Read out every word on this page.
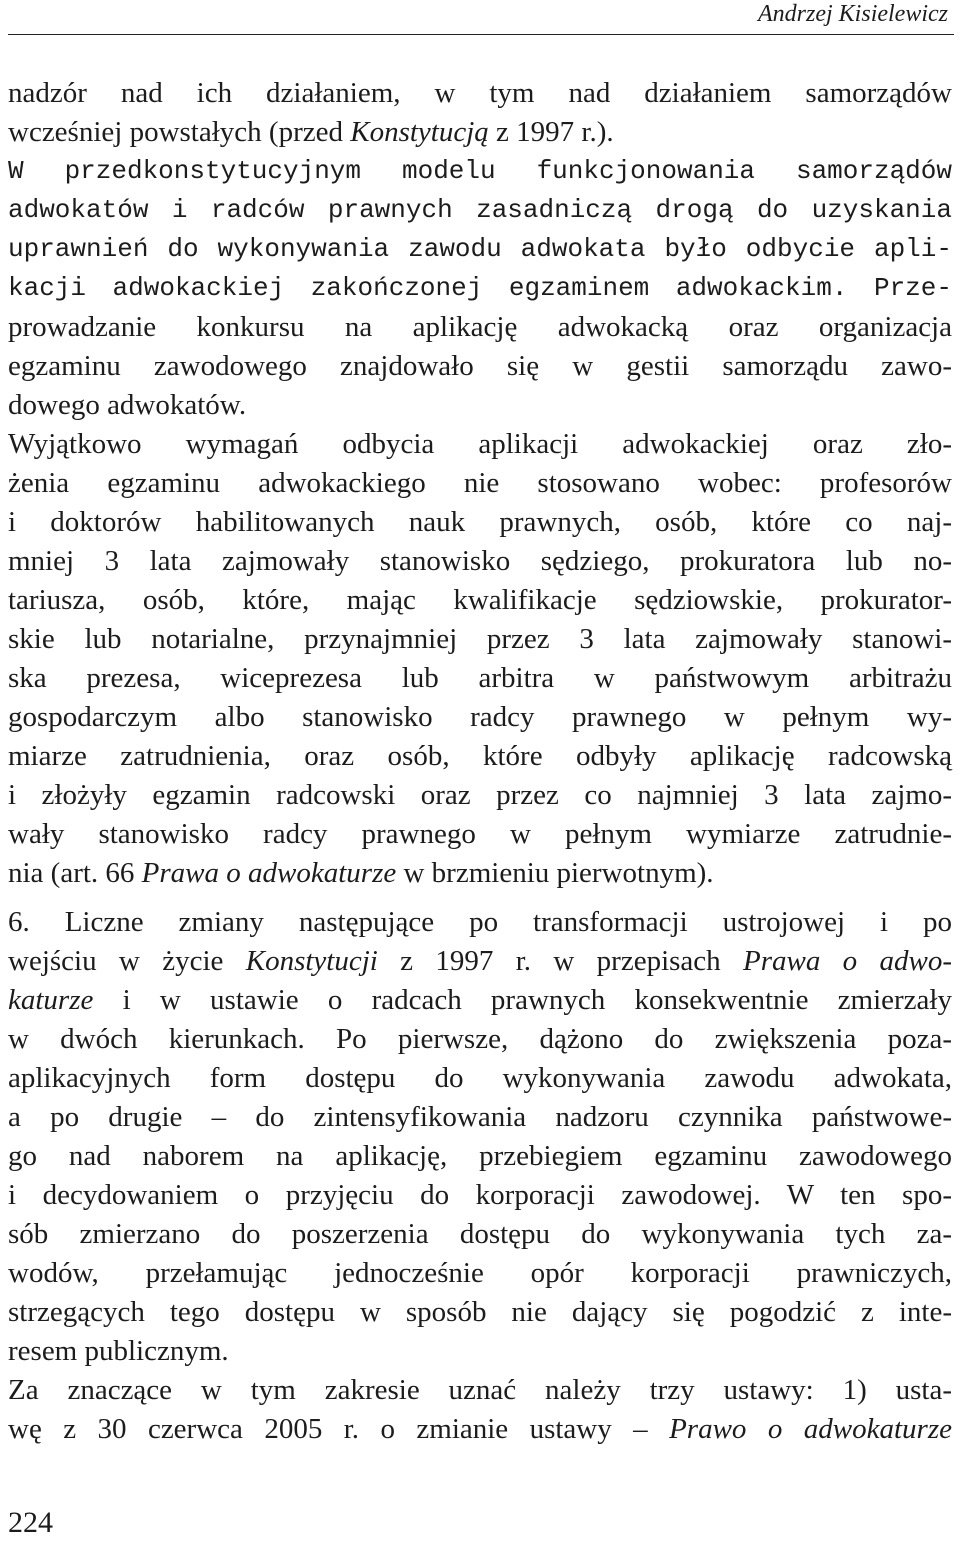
Andrzej Kisielewicz
nadzór nad ich działaniem, w tym nad działaniem samorządów
wcześniej powstałych (przed Konstytucją z 1997 r.).
W przedkonstytucyjnym modelu funkcjonowania samorządów
adwokatów i radców prawnych zasadniczą drogą do uzyskania
uprawnień do wykonywania zawodu adwokata było odbycie apli-
kacji adwokackiej zakończonej egzaminem adwokackim. Prze-
prowadzanie konkursu na aplikację adwokacką oraz organizacja
egzaminu zawodowego znajdowało się w gestii samorządu zawo-
dowego adwokatów.
Wyjątkowo wymagań odbycia aplikacji adwokackiej oraz zło-
żenia egzaminu adwokackiego nie stosowano wobec: profesorów
i doktorów habilitowanych nauk prawnych, osób, które co naj-
mniej 3 lata zajmowały stanowisko sędziego, prokuratora lub no-
tariusza, osób, które, mając kwalifikacje sędziowskie, prokurator-
skie lub notarialne, przynajmniej przez 3 lata zajmowały stanowi-
ska prezesa, wiceprezesa lub arbitra w państwowym arbitrażu
gospodarczym albo stanowisko radcy prawnego w pełnym wy-
miarze zatrudnienia, oraz osób, które odbyły aplikację radcowską
i złożyły egzamin radcowski oraz przez co najmniej 3 lata zajmo-
wały stanowisko radcy prawnego w pełnym wymiarze zatrudnie-
nia (art. 66 Prawa o adwokaturze w brzmieniu pierwotnym).
6. Liczne zmiany następujące po transformacji ustrojowej i po
wejściu w życie Konstytucji z 1997 r. w przepisach Prawa o adwo-
katurze i w ustawie o radcach prawnych konsekwentnie zmierzały
w dwóch kierunkach. Po pierwsze, dążono do zwiększenia poza-
aplikacyjnych form dostępu do wykonywania zawodu adwokata,
a po drugie – do zintensyfikowania nadzoru czynnika państwowe-
go nad naborem na aplikację, przebiegiem egzaminu zawodowego
i decydowaniem o przyjęciu do korporacji zawodowej. W ten spo-
sób zmierzano do poszerzenia dostępu do wykonywania tych za-
wodów, przełamując jednocześnie opór korporacji prawniczych,
strzegących tego dostępu w sposób nie dający się pogodzić z inte-
resem publicznym.
Za znaczące w tym zakresie uznać należy trzy ustawy: 1) usta-
wę z 30 czerwca 2005 r. o zmianie ustawy – Prawo o adwokaturze
224
